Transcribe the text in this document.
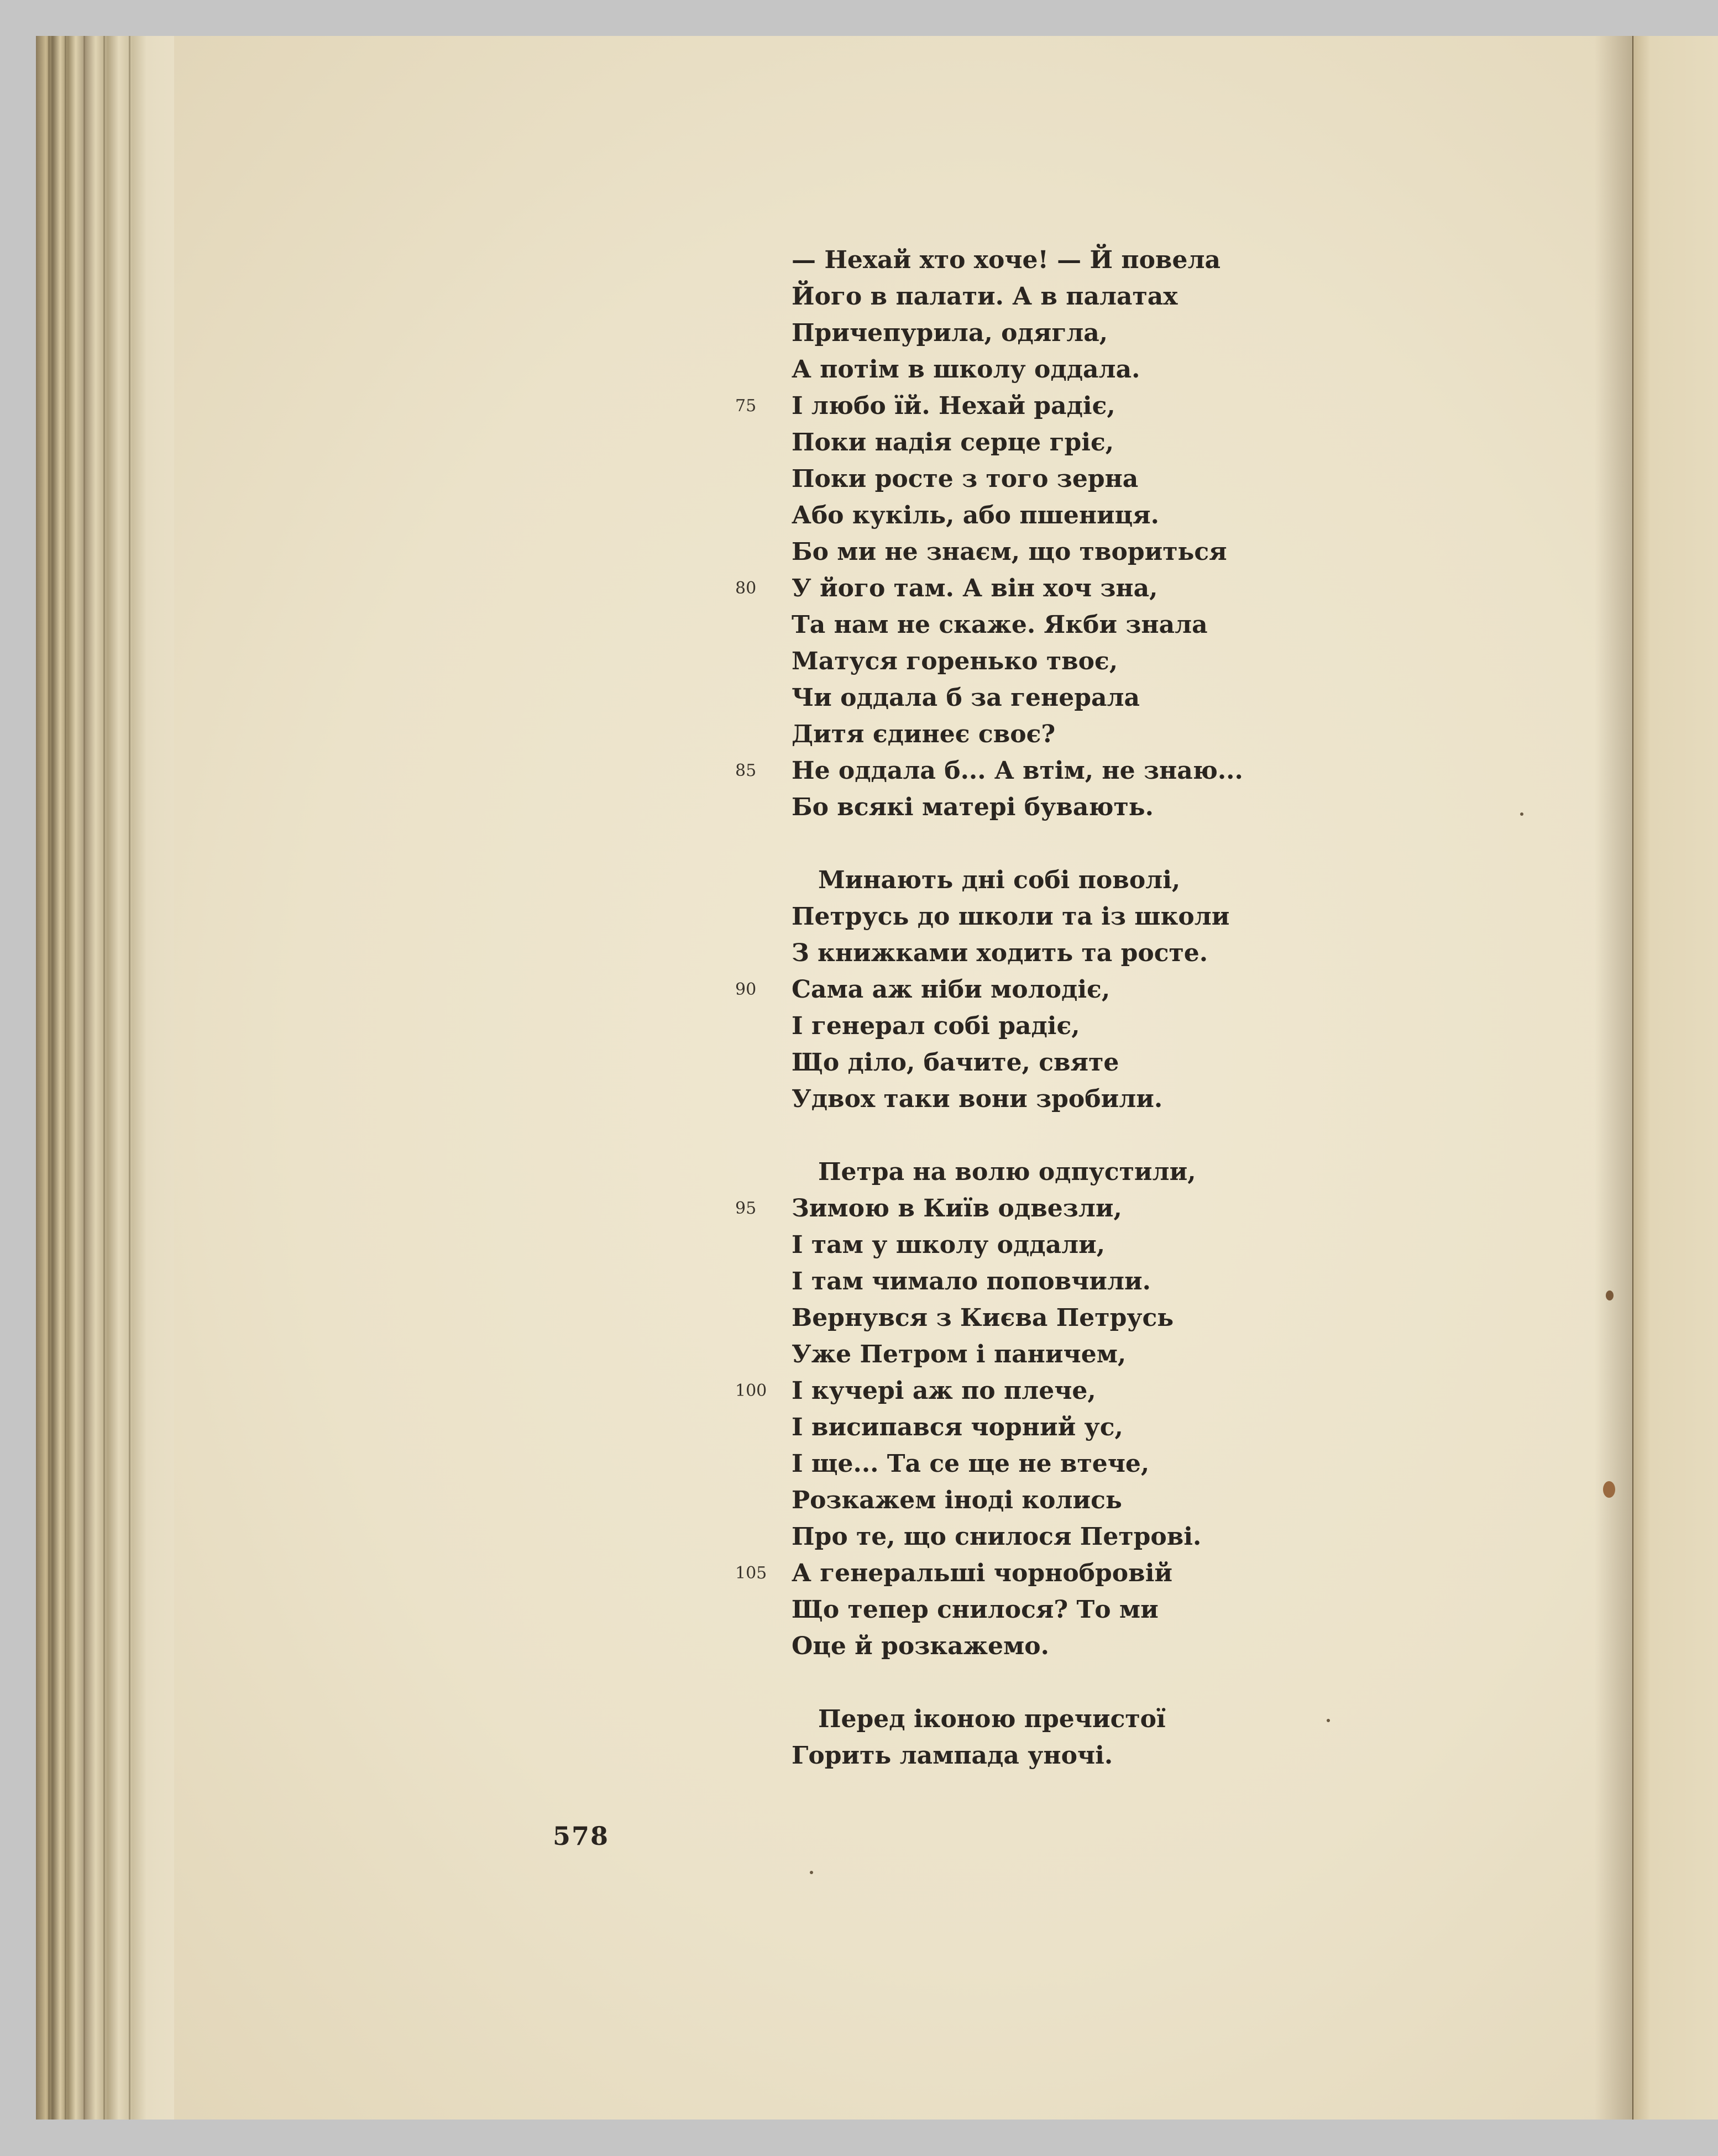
— Нехай хто хоче! — Й повела
Його в палати. А в палатах
Причепурила, одягла,
А потім в школу оддала.
75	І любо їй. Нехай радіє,
Поки надія серце гріє,
Поки росте з того зерна
Або кукіль, або пшениця.
Бо ми не знаєм, що твориться
80	У його там. А він хоч зна,
Та нам не скаже. Якби знала
Матуся горенько твоє,
Чи оддала б за генерала
Дитя єдинеє своє?
85	Не оддала б... А втім, не знаю...
Бо всякі матері бувають.
Минають дні собі поволі,
Петрусь до школи та із школи
З книжками ходить та росте.
90	Сама аж ніби молодіє,
І генерал собі радіє,
Що діло, бачите, святе
Удвох таки вони зробили.
Петра на волю одпустили,
95	Зимою в Київ одвезли,
І там у школу оддали,
І там чимало поповчили.
Вернувся з Києва Петрусь
Уже Петром і паничем,
100	І кучері аж по плече,
І висипався чорний ус,
І ще... Та се ще не втече,
Розкажем іноді колись
Про те, що снилося Петрові.
105	А генеральші чорнобровій
Що тепер снилося? То ми
Оце й розкажемо.
Перед іконою пречистої
Горить лампада уночі.
578
